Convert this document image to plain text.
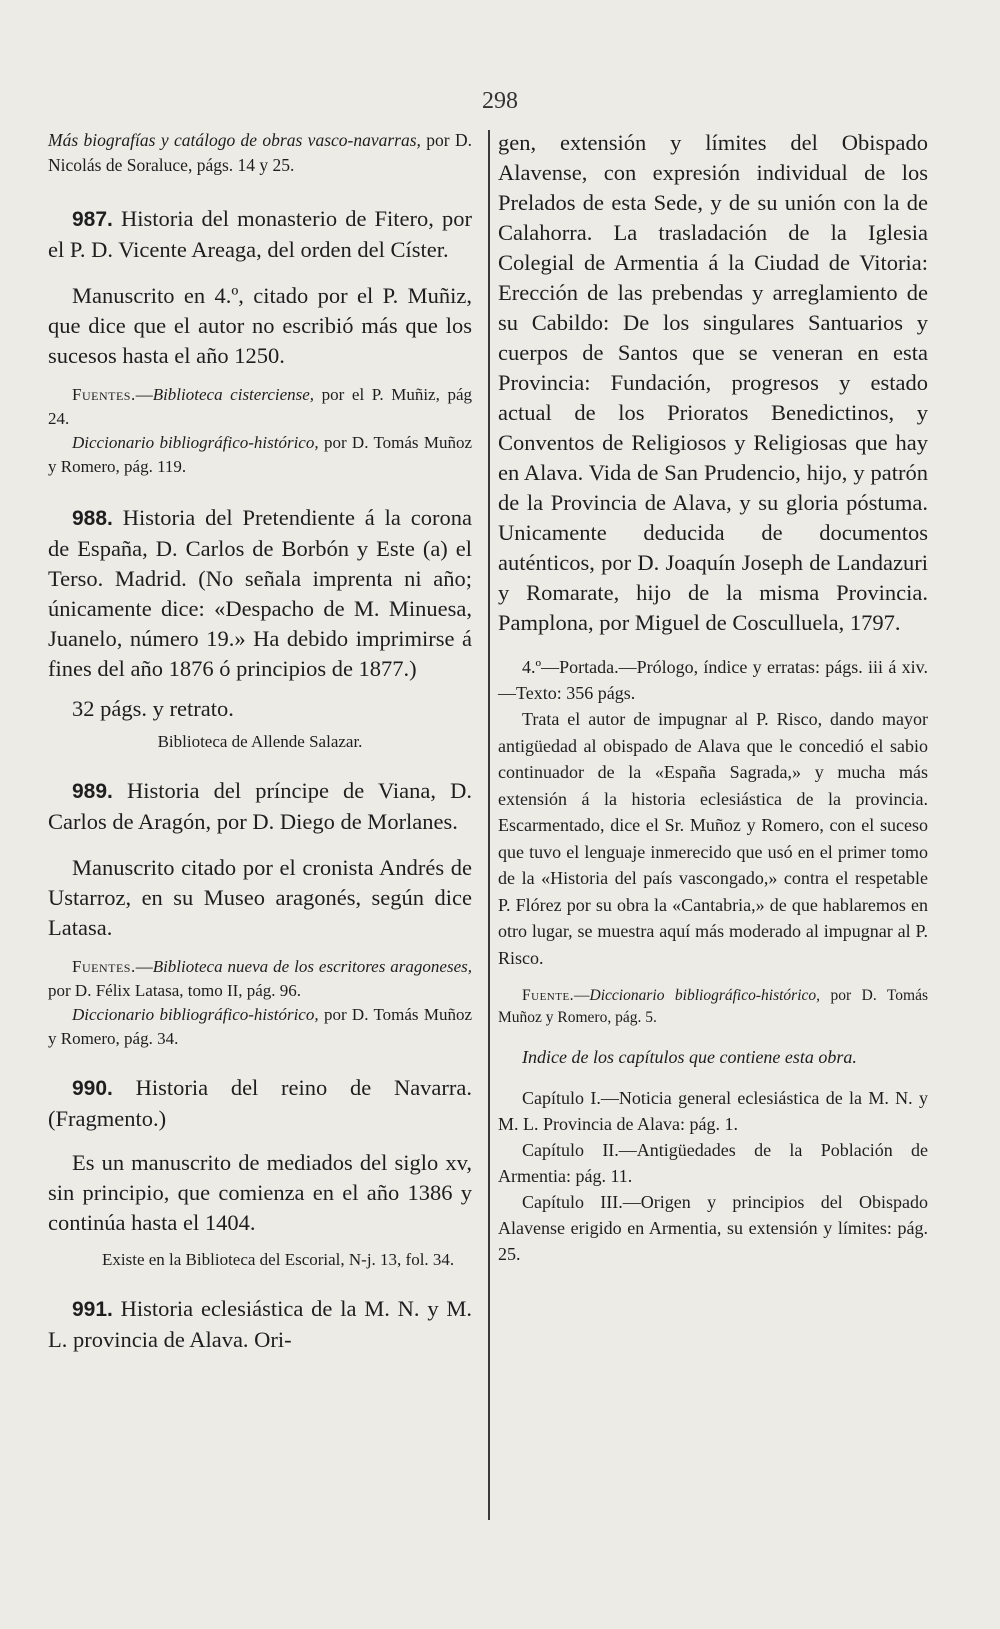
298

Más biografías y catálogo de obras vasco-navarras, por D. Nicolás de Soraluce, págs. 14 y 25.

987. Historia del monasterio de Fitero, por el P. D. Vicente Areaga, del orden del Císter.

Manuscrito en 4.º, citado por el P. Muñiz, que dice que el autor no escribió más que los sucesos hasta el año 1250.

Fuentes.—Biblioteca cisterciense, por el P. Muñiz, pág 24.

Diccionario bibliográfico-histórico, por D. Tomás Muñoz y Romero, pág. 119.

988. Historia del Pretendiente á la corona de España, D. Carlos de Borbón y Este (a) el Terso. Madrid. (No señala imprenta ni año; únicamente dice: «Despacho de M. Minuesa, Juanelo, número 19.» Ha debido imprimirse á fines del año 1876 ó principios de 1877.)

32 págs. y retrato.

Biblioteca de Allende Salazar.

989. Historia del príncipe de Viana, D. Carlos de Aragón, por D. Diego de Morlanes.

Manuscrito citado por el cronista Andrés de Ustarroz, en su Museo aragonés, según dice Latasa.

Fuentes.—Biblioteca nueva de los escritores aragoneses, por D. Félix Latasa, tomo II, pág. 96.

Diccionario bibliográfico-histórico, por D. Tomás Muñoz y Romero, pág. 34.

990. Historia del reino de Navarra. (Fragmento.)

Es un manuscrito de mediados del siglo xv, sin principio, que comienza en el año 1386 y continúa hasta el 1404.

Existe en la Biblioteca del Escorial, N-j. 13, fol. 34.

991. Historia eclesiástica de la M. N. y M. L. provincia de Alava. Ori-

gen, extensión y límites del Obispado Alavense, con expresión individual de los Prelados de esta Sede, y de su unión con la de Calahorra. La trasladación de la Iglesia Colegial de Armentia á la Ciudad de Vitoria: Erección de las prebendas y arreglamiento de su Cabildo: De los singulares Santuarios y cuerpos de Santos que se veneran en esta Provincia: Fundación, progresos y estado actual de los Prioratos Benedictinos, y Conventos de Religiosos y Religiosas que hay en Alava. Vida de San Prudencio, hijo, y patrón de la Provincia de Alava, y su gloria póstuma. Unicamente deducida de documentos auténticos, por D. Joaquín Joseph de Landazuri y Romarate, hijo de la misma Provincia. Pamplona, por Miguel de Cosculluela, 1797.

4.º—Portada.—Prólogo, índice y erratas: págs. iii á xiv.—Texto: 356 págs.

Trata el autor de impugnar al P. Risco, dando mayor antigüedad al obispado de Alava que le concedió el sabio continuador de la «España Sagrada,» y mucha más extensión á la historia eclesiástica de la provincia. Escarmentado, dice el Sr. Muñoz y Romero, con el suceso que tuvo el lenguaje inmerecido que usó en el primer tomo de la «Historia del país vascongado,» contra el respetable P. Flórez por su obra la «Cantabria,» de que hablaremos en otro lugar, se muestra aquí más moderado al impugnar al P. Risco.

Fuente.—Diccionario bibliográfico-histórico, por D. Tomás Muñoz y Romero, pág. 5.

Indice de los capítulos que contiene esta obra.

Capítulo I.—Noticia general eclesiástica de la M. N. y M. L. Provincia de Alava: pág. 1.

Capítulo II.—Antigüedades de la Población de Armentia: pág. 11.

Capítulo III.—Origen y principios del Obispado Alavense erigido en Armentia, su extensión y límites: pág. 25.
